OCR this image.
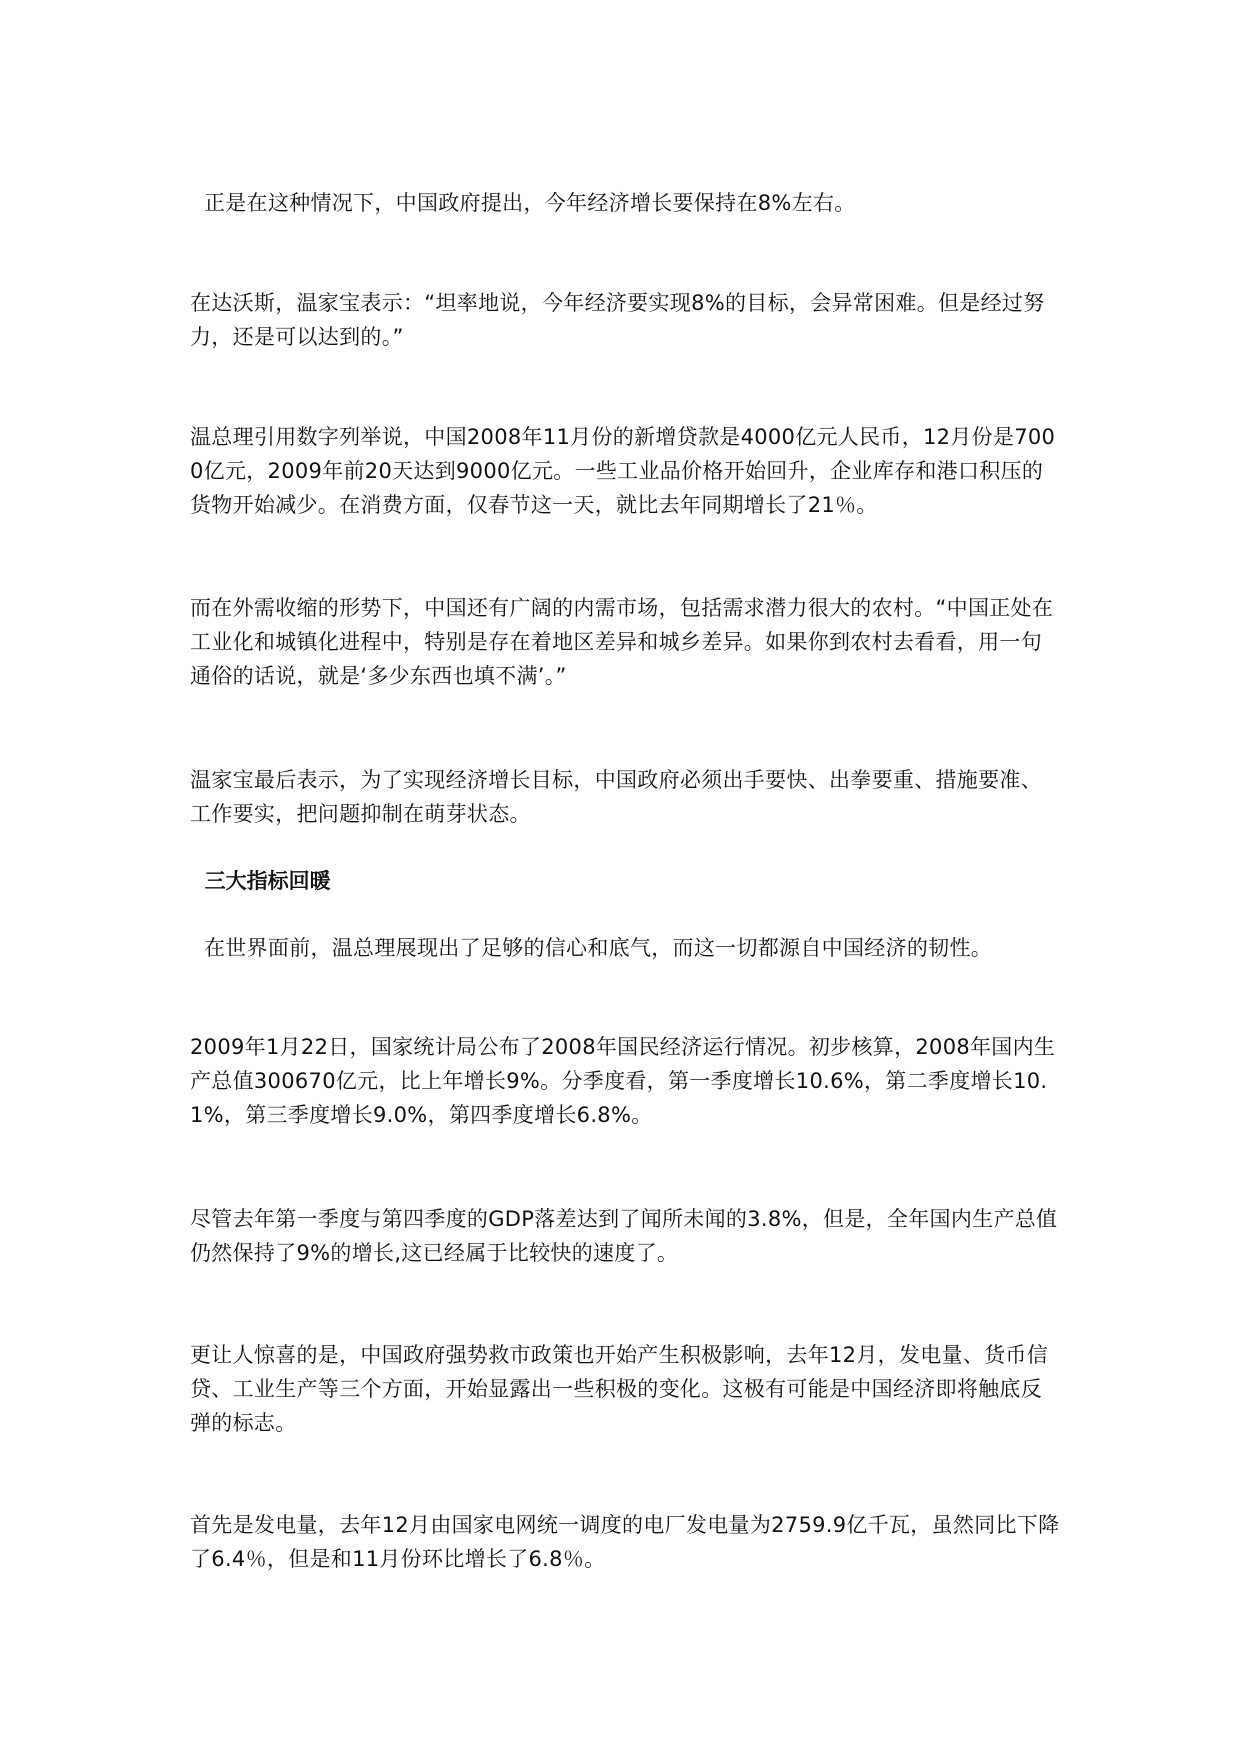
正是在这种情况下，中国政府提出，今年经济增长要保持在8%左右。

在达沃斯，温家宝表示：“坦率地说，今年经济要实现8%的目标，会异常困难。但是经过努力，还是可以达到的。”

温总理引用数字列举说，中国2008年11月份的新增贷款是4000亿元人民币，12月份是7000亿元，2009年前20天达到9000亿元。一些工业品价格开始回升，企业库存和港口积压的货物开始减少。在消费方面，仅春节这一天，就比去年同期增长了21％。

而在外需收缩的形势下，中国还有广阔的内需市场，包括需求潜力很大的农村。“中国正处在工业化和城镇化进程中，特别是存在着地区差异和城乡差异。如果你到农村去看看，用一句通俗的话说，就是‘多少东西也填不满’。”

温家宝最后表示，为了实现经济增长目标，中国政府必须出手要快、出拳要重、措施要准、工作要实，把问题抑制在萌芽状态。

三大指标回暖

在世界面前，温总理展现出了足够的信心和底气，而这一切都源自中国经济的韧性。

2009年1月22日，国家统计局公布了2008年国民经济运行情况。初步核算，2008年国内生产总值300670亿元，比上年增长9%。分季度看，第一季度增长10.6%，第二季度增长10.1%，第三季度增长9.0%，第四季度增长6.8%。

尽管去年第一季度与第四季度的GDP落差达到了闻所未闻的3.8%，但是，全年国内生产总值仍然保持了9%的增长,这已经属于比较快的速度了。

更让人惊喜的是，中国政府强势救市政策也开始产生积极影响，去年12月，发电量、货币信贷、工业生产等三个方面，开始显露出一些积极的变化。这极有可能是中国经济即将触底反弹的标志。

首先是发电量，去年12月由国家电网统一调度的电厂发电量为2759.9亿千瓦，虽然同比下降了6.4％，但是和11月份环比增长了6.8％。
